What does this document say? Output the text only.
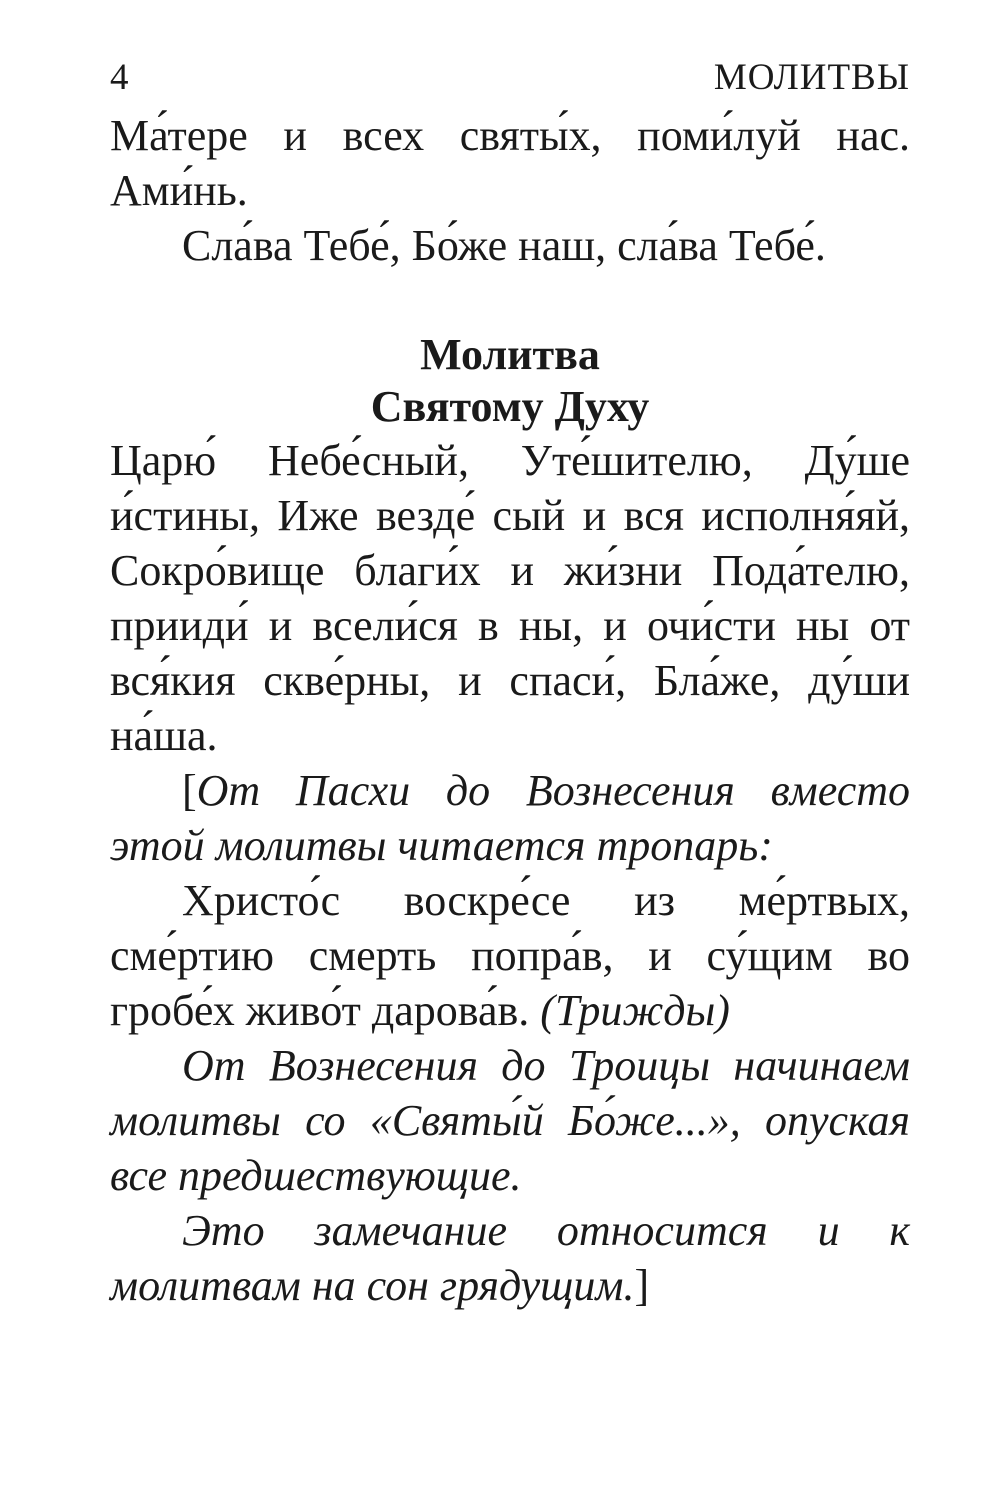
4	МОЛИТВЫ

Ма́тере и всех святы́х, поми́луй нас. Ами́нь.

Сла́ва Тебе́, Бо́же наш, сла́ва Тебе́.

Молитва

Святому Духу

Царю́ Небе́сный, Уте́шителю, Ду́ше и́стины, Иже везде́ сый и вся исполня́яй, Сокро́вище благи́х и жи́зни Пода́телю, прииди́ и всели́ся в ны, и очи́сти ны от вся́кия скве́рны, и спаси́, Бла́же, ду́ши на́ша.

[От Пасхи до Вознесения вместо этой молитвы читается тропарь:

Христо́с воскре́се из ме́ртвых, сме́ртию смерть попра́в, и су́щим во гробе́х живо́т дарова́в. (Трижды)

От Вознесения до Троицы начинаем молитвы со «Святы́й Бо́же...», опуская все предшествующие.

Это замечание относится и к молитвам на сон грядущим.]
